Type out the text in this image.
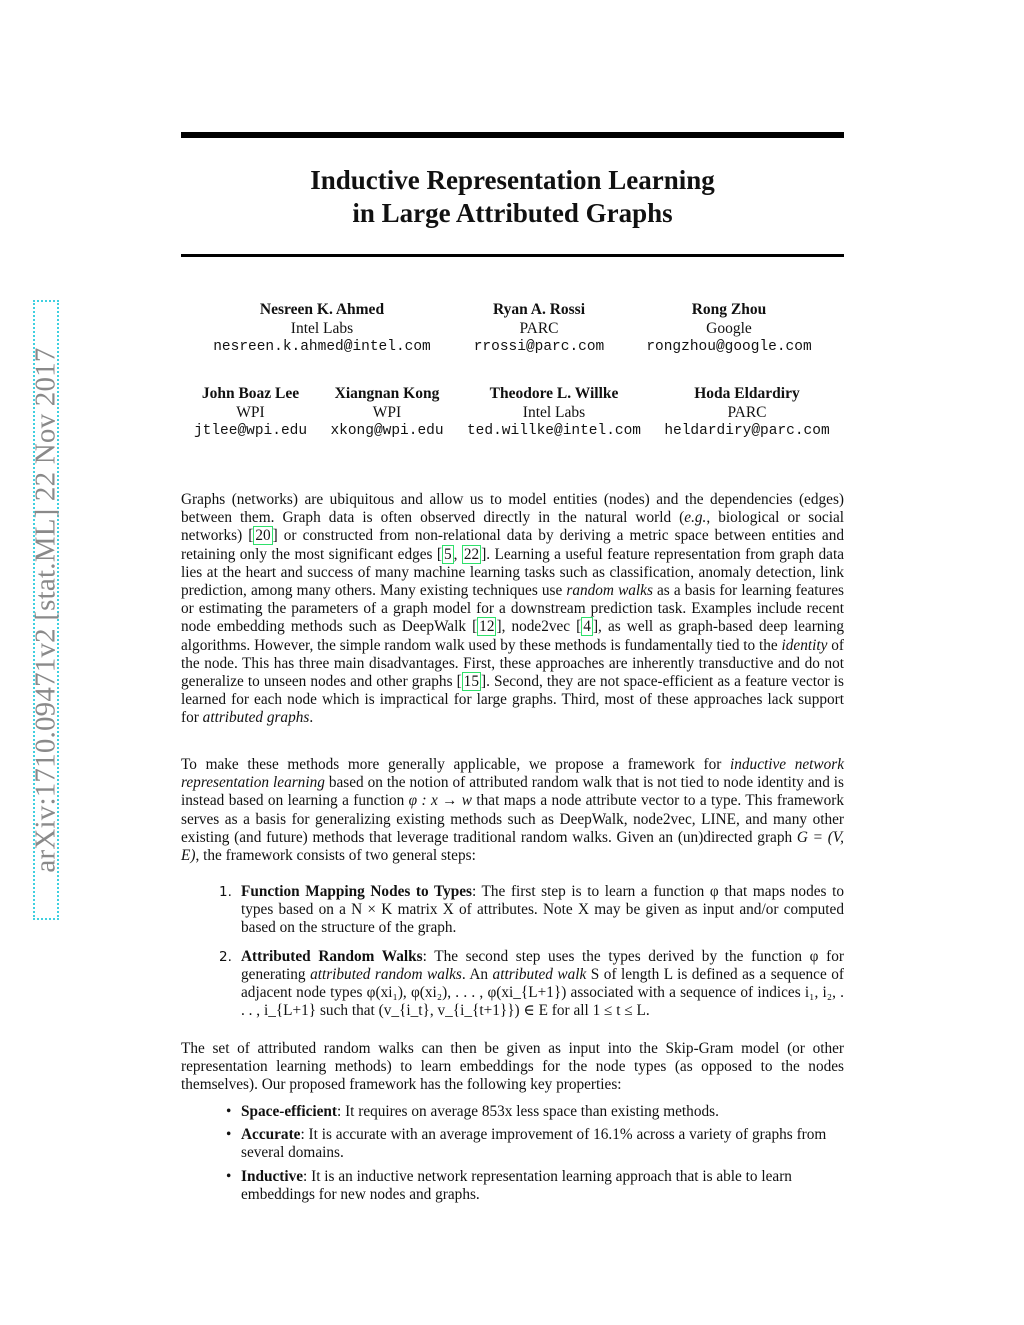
Inductive Representation Learning
in Large Attributed Graphs
arXiv:1710.09471v2 [stat.ML] 22 Nov 2017
Nesreen K. Ahmed
Intel Labs
nesreen.k.ahmed@intel.com
Ryan A. Rossi
PARC
rrossi@parc.com
Rong Zhou
Google
rongzhou@google.com
John Boaz Lee
WPI
jtlee@wpi.edu
Xiangnan Kong
WPI
xkong@wpi.edu
Theodore L. Willke
Intel Labs
ted.willke@intel.com
Hoda Eldardiry
PARC
heldardiry@parc.com

Graphs (networks) are ubiquitous and allow us to model entities (nodes) and the dependencies (edges) between them. Graph data is often observed directly in the natural world (e.g., biological or social networks) [ 20 ] or constructed from non-relational data by deriving a metric space between entities and retaining only the most significant edges [ 5 , 22 ]. Learning a useful feature representation from graph data lies at the heart and success of many machine learning tasks such as classification, anomaly detection, link prediction, among many others. Many existing techniques use random walks as a basis for learning features or estimating the parameters of a graph model for a downstream prediction task. Examples include recent node embedding methods such as DeepWalk [ 12 ], node2vec [ 4 ], as well as graph-based deep learning algorithms. However, the simple random walk used by these methods is fundamentally tied to the identity of the node. This has three main disadvantages. First, these approaches are inherently transductive and do not generalize to unseen nodes and other graphs [ 15 ]. Second, they are not space-efficient as a feature vector is learned for each node which is impractical for large graphs. Third, most of these approaches lack support for attributed graphs.

To make these methods more generally applicable, we propose a framework for inductive network representation learning based on the notion of attributed random walk that is not tied to node identity and is instead based on learning a function φ : x → w that maps a node attribute vector to a type. This framework serves as a basis for generalizing existing methods such as DeepWalk, node2vec, LINE, and many other existing (and future) methods that leverage traditional random walks. Given an (un)directed graph G = (V, E), the framework consists of two general steps:

1. Function Mapping Nodes to Types: The first step is to learn a function φ that maps nodes to types based on a N × K matrix X of attributes. Note X may be given as input and/or computed based on the structure of the graph.
2. Attributed Random Walks: The second step uses the types derived by the function φ for generating attributed random walks. An attributed walk S of length L is defined as a sequence of adjacent node types φ(xi₁), φ(xi₂), . . . , φ(xi_{L+1}) associated with a sequence of indices i₁, i₂, . . . , i_{L+1} such that (v_{i_t}, v_{i_{t+1}}) ∈ E for all 1 ≤ t ≤ L.

The set of attributed random walks can then be given as input into the Skip-Gram model (or other representation learning methods) to learn embeddings for the node types (as opposed to the nodes themselves). Our proposed framework has the following key properties:

• Space-efficient: It requires on average 853x less space than existing methods.
• Accurate: It is accurate with an average improvement of 16.1% across a variety of graphs from several domains.
• Inductive: It is an inductive network representation learning approach that is able to learn embeddings for new nodes and graphs.
